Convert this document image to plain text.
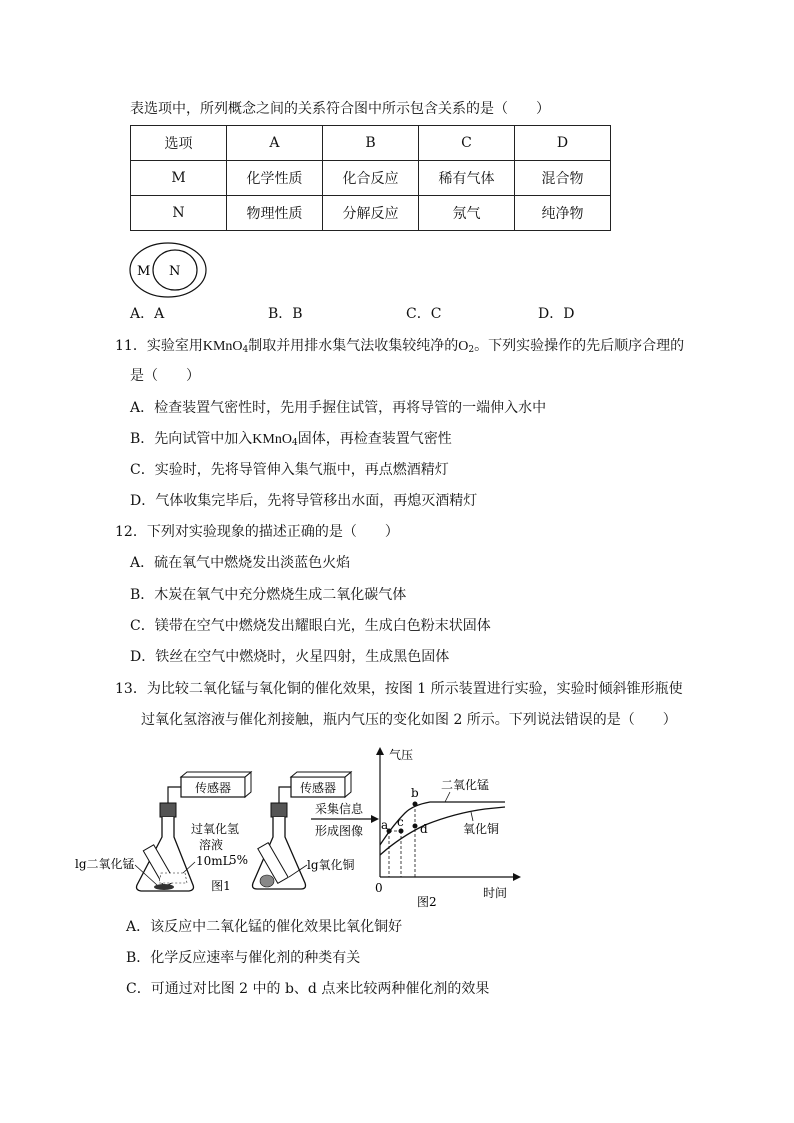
表选项中，所列概念之间的关系符合图中所示包含关系的是（　　）
选项	A	B	C	D
M	化学性质	化合反应	稀有气体	混合物
N	物理性质	分解反应	氖气	纯净物
M N
A．A	B．B	C．C	D．D
11．实验室用KMnO$_4$制取并用排水集气法收集较纯净的$O_2$。下列实验操作的先后顺序合理的
是（　　）
A．检查装置气密性时，先用手握住试管，再将导管的一端伸入水中
B．先向试管中加入KMnO$_4$固体，再检查装置气密性
C．实验时，先将导管伸入集气瓶中，再点燃酒精灯
D．气体收集完毕后，先将导管移出水面，再熄灭酒精灯
12．下列对实验现象的描述正确的是（　　）
A．硫在氧气中燃烧发出淡蓝色火焰
B．木炭在氧气中充分燃烧生成二氧化碳气体
C．镁带在空气中燃烧发出耀眼白光，生成白色粉末状固体
D．铁丝在空气中燃烧时，火星四射，生成黑色固体
13．为比较二氧化锰与氧化铜的催化效果，按图 1 所示装置进行实验，实验时倾斜锥形瓶使
过氧化氢溶液与催化剂接触，瓶内气压的变化如图 2 所示。下列说法错误的是（　　）
传感器
过氧化氢
溶液
10mL
lg二氧化锰
图1
传感器
5%	lg氧化铜
采集信息
形成图像
气压
时间
0
a
b
c d
二氧化锰
氧化铜
图2
A．该反应中二氧化锰的催化效果比氧化铜好
B．化学反应速率与催化剂的种类有关
C．可通过对比图 2 中的 b、d 点来比较两种催化剂的效果
